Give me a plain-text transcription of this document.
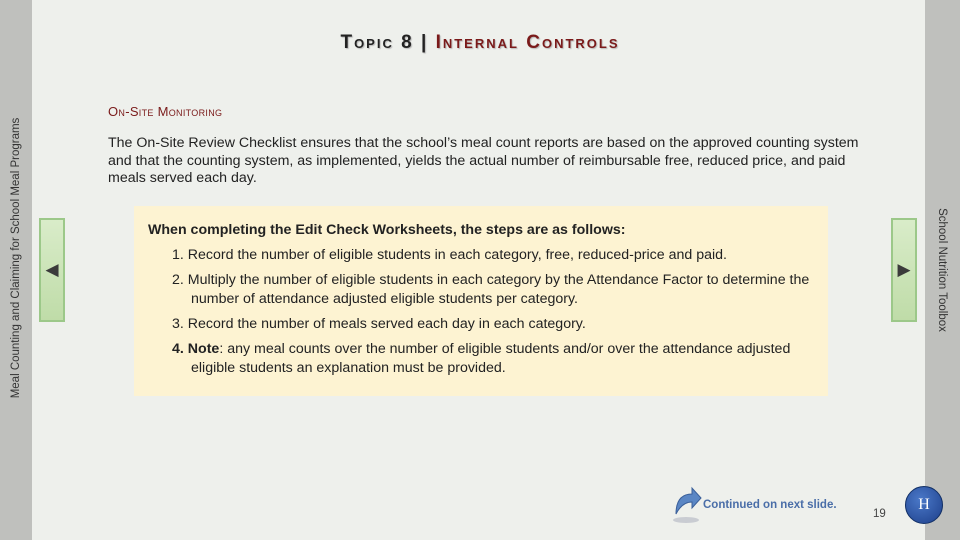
Meal Counting and Claiming for School Meal Programs	School Nutrition Toolbox
Topic 8 | Internal Controls
On-Site Monitoring
The On-Site Review Checklist ensures that the school’s meal count reports are based on the approved counting system and that the counting system, as implemented, yields the actual number of reimbursable free, reduced price, and paid meals served each day.
◀	▶
When completing the Edit Check Worksheets, the steps are as follows:
1. Record the number of eligible students in each category, free, reduced-price and paid.
2. Multiply the number of eligible students in each category by the Attendance Factor to determine the number of attendance adjusted eligible students per category.
3. Record the number of meals served each day in each category.
4. Note: any meal counts over the number of eligible students and/or over the attendance adjusted eligible students an explanation must be provided.
Continued on next slide.
19
H
